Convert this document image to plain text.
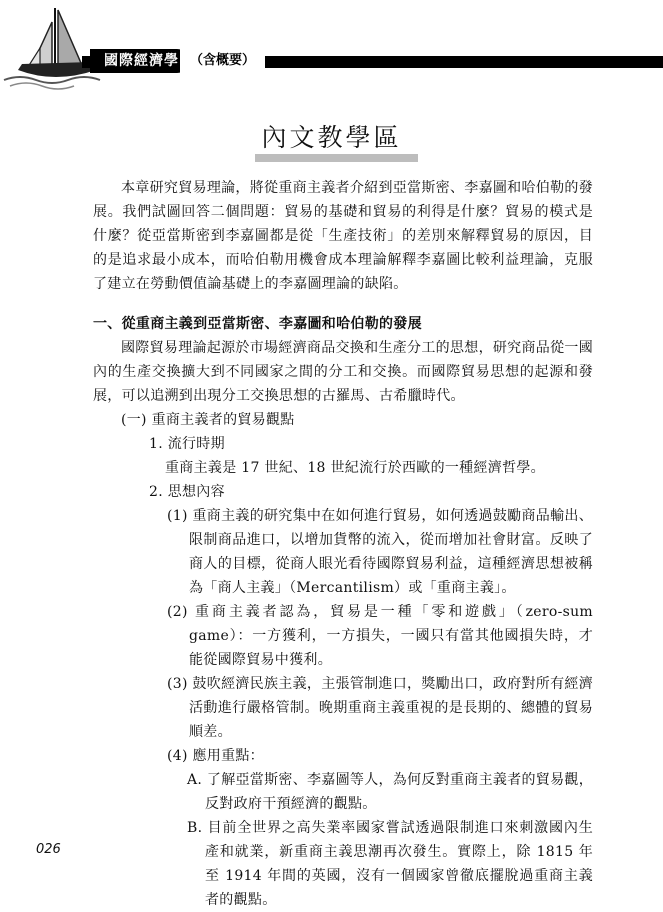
國際經濟學 （含概要）
內文教學區

本章研究貿易理論，將從重商主義者介紹到亞當斯密、李嘉圖和哈伯勒的發展。我們試圖回答二個問題：貿易的基礎和貿易的利得是什麼？貿易的模式是什麼？從亞當斯密到李嘉圖都是從「生產技術」的差別來解釋貿易的原因，目的是追求最小成本，而哈伯勒用機會成本理論解釋李嘉圖比較利益理論，克服了建立在勞動價值論基礎上的李嘉圖理論的缺陷。

一、從重商主義到亞當斯密、李嘉圖和哈伯勒的發展

國際貿易理論起源於市場經濟商品交換和生產分工的思想，研究商品從一國內的生產交換擴大到不同國家之間的分工和交換。而國際貿易思想的起源和發展，可以追溯到出現分工交換思想的古羅馬、古希臘時代。

(一) 重商主義者的貿易觀點

1. 流行時期

重商主義是 17 世紀、18 世紀流行於西歐的一種經濟哲學。

2. 思想內容

(1) 重商主義的研究集中在如何進行貿易，如何透過鼓勵商品輸出、限制商品進口，以增加貨幣的流入，從而增加社會財富。反映了商人的目標，從商人眼光看待國際貿易利益，這種經濟思想被稱為「商人主義」（Mercantilism）或「重商主義」。

(2) 重商主義者認為，貿易是一種「零和遊戲」（zero-sum game）：一方獲利，一方損失，一國只有當其他國損失時，才能從國際貿易中獲利。

(3) 鼓吹經濟民族主義，主張管制進口，獎勵出口，政府對所有經濟活動進行嚴格管制。晚期重商主義重視的是長期的、總體的貿易順差。

(4) 應用重點：

A. 了解亞當斯密、李嘉圖等人，為何反對重商主義者的貿易觀，反對政府干預經濟的觀點。

B. 目前全世界之高失業率國家嘗試透過限制進口來刺激國內生產和就業，新重商主義思潮再次發生。實際上，除 1815 年至 1914 年間的英國，沒有一個國家曾徹底擺脫過重商主義者的觀點。

026
